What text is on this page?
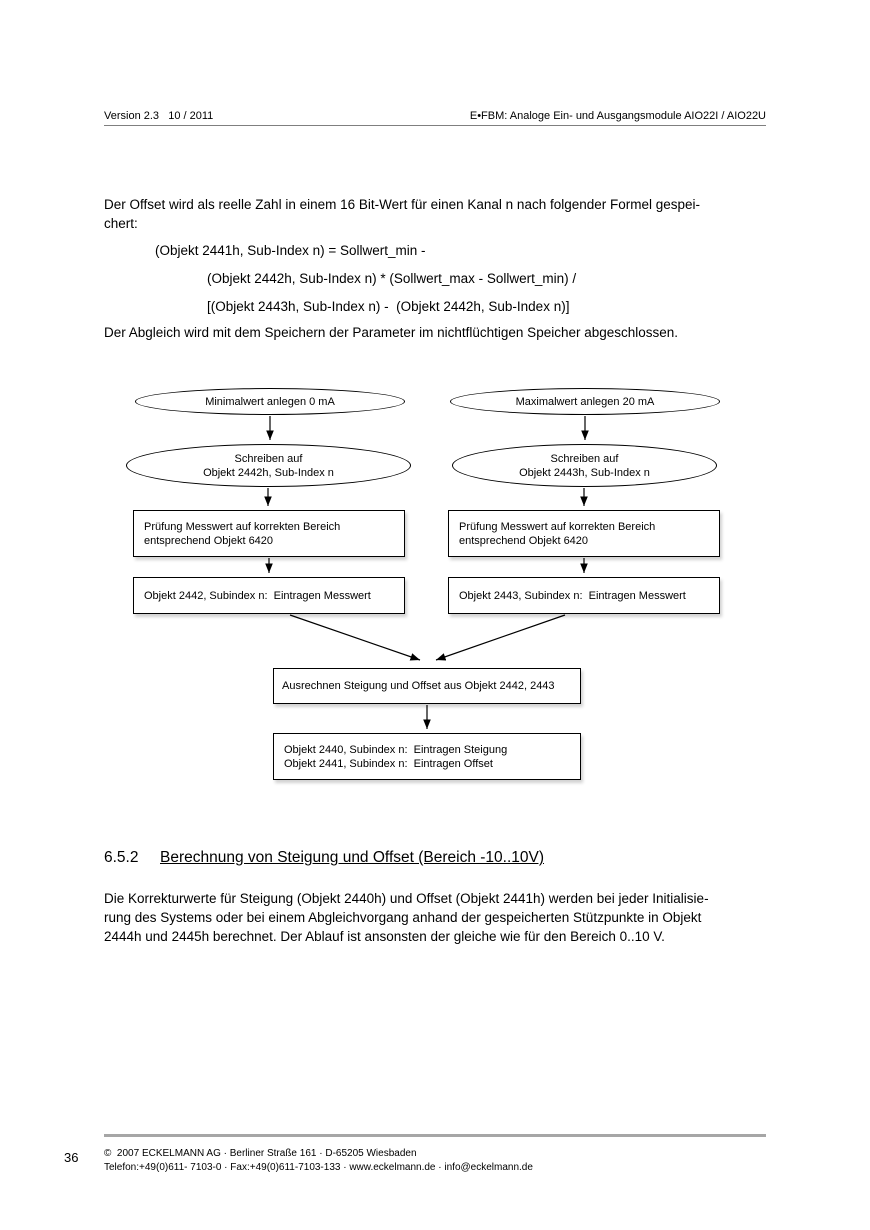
Version 2.3   10 / 2011	E•FBM: Analoge Ein- und Ausgangsmodule AIO22I / AIO22U
Der Offset wird als reelle Zahl in einem 16 Bit-Wert für einen Kanal n nach folgender Formel gespei-
chert:
(Objekt 2441h, Sub-Index n) = Sollwert_min -
(Objekt 2442h, Sub-Index n) * (Sollwert_max - Sollwert_min) /
[(Objekt 2443h, Sub-Index n) -  (Objekt 2442h, Sub-Index n)]
Der Abgleich wird mit dem Speichern der Parameter im nichtflüchtigen Speicher abgeschlossen.
Minimalwert anlegen 0 mA	Maximalwert anlegen 20 mA
Schreiben auf
Objekt 2442h, Sub-Index n
Schreiben auf
Objekt 2443h, Sub-Index n
Prüfung Messwert auf korrekten Bereich
entsprechend Objekt 6420
Prüfung Messwert auf korrekten Bereich
entsprechend Objekt 6420
Objekt 2442, Subindex n:  Eintragen Messwert	Objekt 2443, Subindex n:  Eintragen Messwert
Ausrechnen Steigung und Offset aus Objekt 2442, 2443
Objekt 2440, Subindex n:  Eintragen Steigung
Objekt 2441, Subindex n:  Eintragen Offset
6.5.2 Berechnung von Steigung und Offset (Bereich -10..10V)
Die Korrekturwerte für Steigung (Objekt 2440h) und Offset (Objekt 2441h) werden bei jeder Initialisie-
rung des Systems oder bei einem Abgleichvorgang anhand der gespeicherten Stützpunkte in Objekt
2444h und 2445h berechnet. Der Ablauf ist ansonsten der gleiche wie für den Bereich 0..10 V.
36	©  2007 ECKELMANN AG · Berliner Straße 161 · D-65205 Wiesbaden
Telefon:+49(0)611- 7103-0 · Fax:+49(0)611-7103-133 · www.eckelmann.de · info@eckelmann.de
